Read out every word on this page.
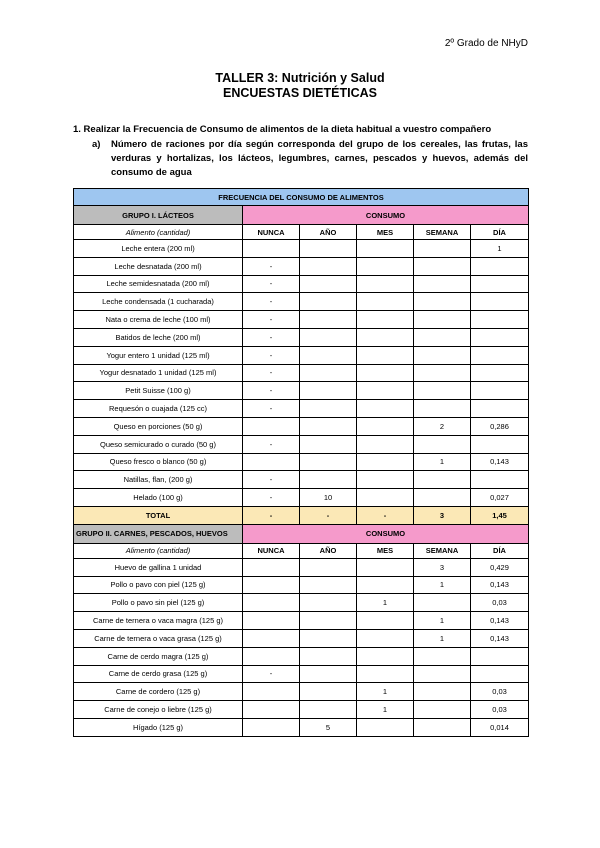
2º Grado de NHyD
TALLER 3: Nutrición y Salud
ENCUESTAS DIETÉTICAS
1. Realizar la Frecuencia de Consumo de alimentos de la dieta habitual a vuestro compañero
a) Número de raciones por día según corresponda del grupo de los cereales, las frutas, las verduras y hortalizas, los lácteos, legumbres, carnes, pescados y huevos, además del consumo de agua
FRECUENCIA DEL CONSUMO DE ALIMENTOS					
GRUPO I. LÁCTEOS	CONSUMO				
Alimento (cantidad)	NUNCA	AÑO	MES	SEMANA	DÍA
Leche entera (200 ml)					1
Leche desnatada (200 ml)	-				
Leche semidesnatada (200 ml)	-				
Leche condensada (1 cucharada)	-				
Nata o crema de leche (100 ml)	-				
Batidos de leche (200 ml)	-				
Yogur entero 1 unidad (125 ml)	-				
Yogur desnatado 1 unidad (125 ml)	-				
Petit Suisse (100 g)	-				
Requesón o cuajada (125 cc)	-				
Queso en porciones (50 g)				2	0,286
Queso semicurado o curado (50 g)	-				
Queso fresco o blanco (50 g)				1	0,143
Natillas, flan, (200 g)	-				
Helado (100 g)	-	10			0,027
TOTAL	-	-	-	3	1,45
GRUPO II. CARNES, PESCADOS, HUEVOS	CONSUMO				
Alimento (cantidad)	NUNCA	AÑO	MES	SEMANA	DÍA
Huevo de gallina 1 unidad				3	0,429
Pollo o pavo con piel (125 g)				1	0,143
Pollo o pavo sin piel (125 g)			1		0,03
Carne de ternera o vaca magra (125 g)				1	0,143
Carne de ternera o vaca grasa (125 g)				1	0,143
Carne de cerdo magra (125 g)					
Carne de cerdo grasa (125 g)	-				
Carne de cordero (125 g)			1		0,03
Carne de conejo o liebre (125 g)			1		0,03
Hígado (125 g)		5			0,014
